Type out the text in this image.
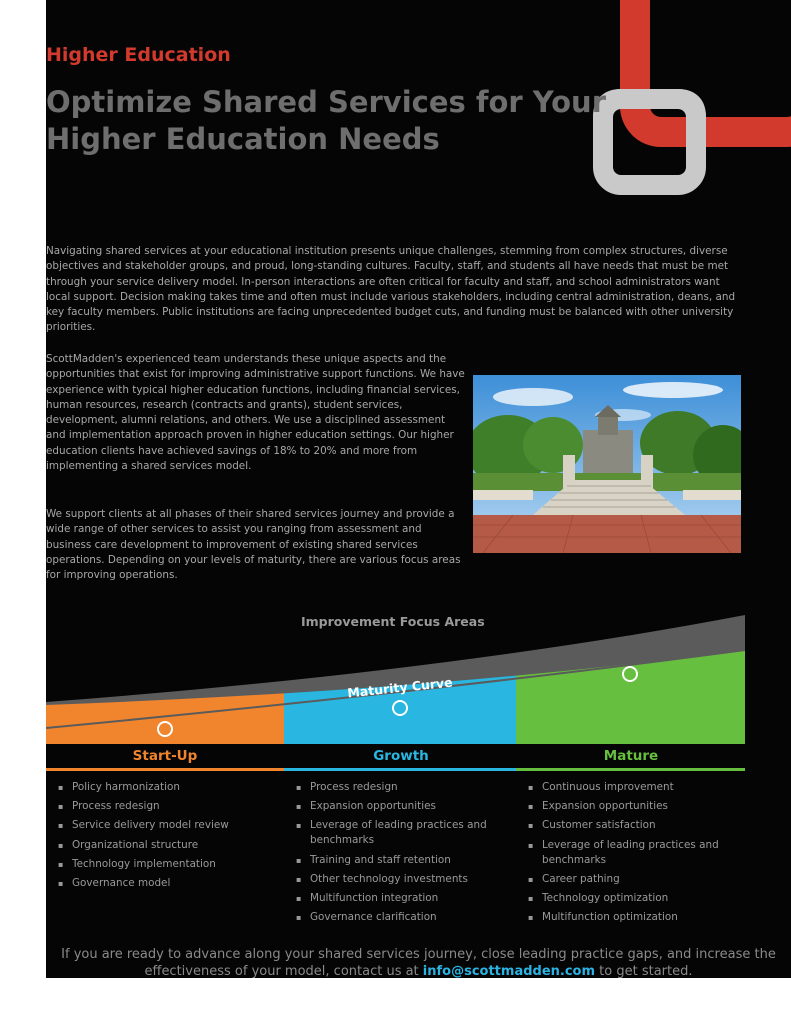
Higher Education
Optimize Shared Services for Your Higher Education Needs

Navigating shared services at your educational institution presents unique challenges, stemming from complex structures, diverse objectives and stakeholder groups, and proud, long-standing cultures. Faculty, staff, and students all have needs that must be met through your service delivery model. In-person interactions are often critical for faculty and staff, and school administrators want local support. Decision making takes time and often must include various stakeholders, including central administration, deans, and key faculty members. Public institutions are facing unprecedented budget cuts, and funding must be balanced with other university priorities.

ScottMadden's experienced team understands these unique aspects and the opportunities that exist for improving administrative support functions. We have experience with typical higher education functions, including financial services, human resources, research (contracts and grants), student services, development, alumni relations, and others. We use a disciplined assessment and implementation approach proven in higher education settings. Our higher education clients have achieved savings of 18% to 20% and more from implementing a shared services model.

We support clients at all phases of their shared services journey and provide a wide range of other services to assist you ranging from assessment and business care development to improvement of existing shared services operations. Depending on your levels of maturity, there are various focus areas for improving operations.

Improvement Focus Areas
Maturity Curve
Start-Up	Growth	Mature
▪ Policy harmonization
▪ Process redesign
▪ Service delivery model review
▪ Organizational structure
▪ Technology implementation
▪ Governance model
▪ Process redesign
▪ Expansion opportunities
▪ Leverage of leading practices and benchmarks
▪ Training and staff retention
▪ Other technology investments
▪ Multifunction integration
▪ Governance clarification
▪ Continuous improvement
▪ Expansion opportunities
▪ Customer satisfaction
▪ Leverage of leading practices and benchmarks
▪ Career pathing
▪ Technology optimization
▪ Multifunction optimization

If you are ready to advance along your shared services journey, close leading practice gaps, and increase the effectiveness of your model, contact us at info@scottmadden.com to get started.
